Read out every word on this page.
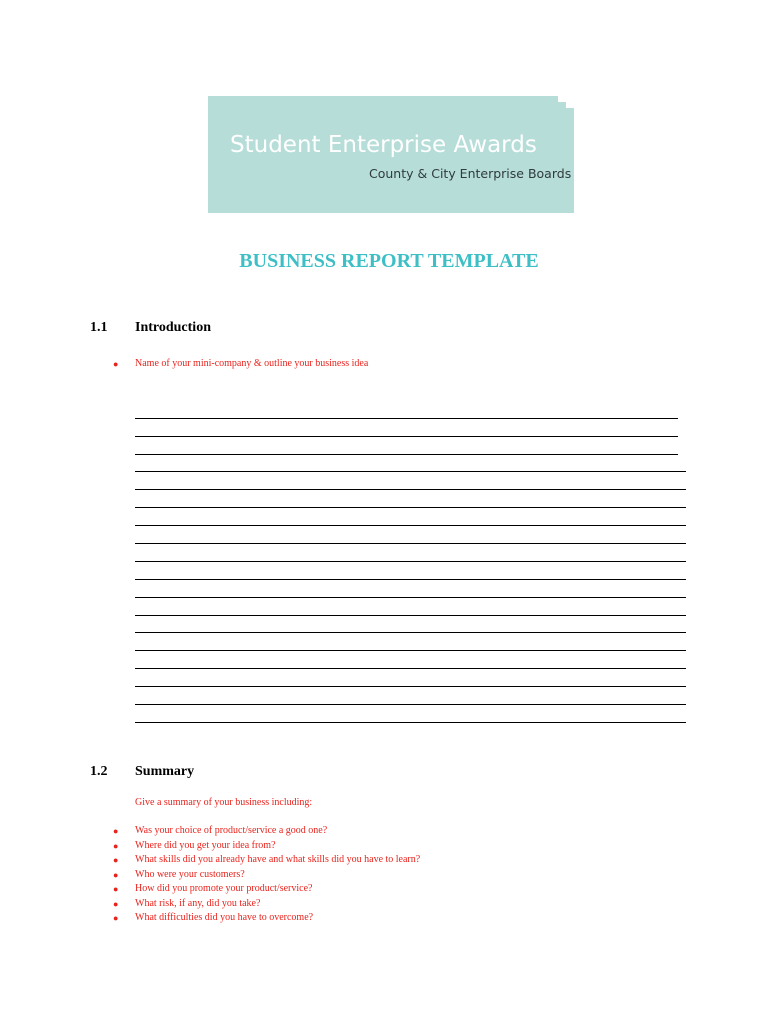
Student Enterprise Awards
County & City Enterprise Boards
BUSINESS REPORT TEMPLATE
1.1 Introduction
● Name of your mini-company & outline your business idea
1.2 Summary
Give a summary of your business including:
● Was your choice of product/service a good one?
● Where did you get your idea from?
● What skills did you already have and what skills did you have to learn?
● Who were your customers?
● How did you promote your product/service?
● What risk, if any, did you take?
● What difficulties did you have to overcome?
